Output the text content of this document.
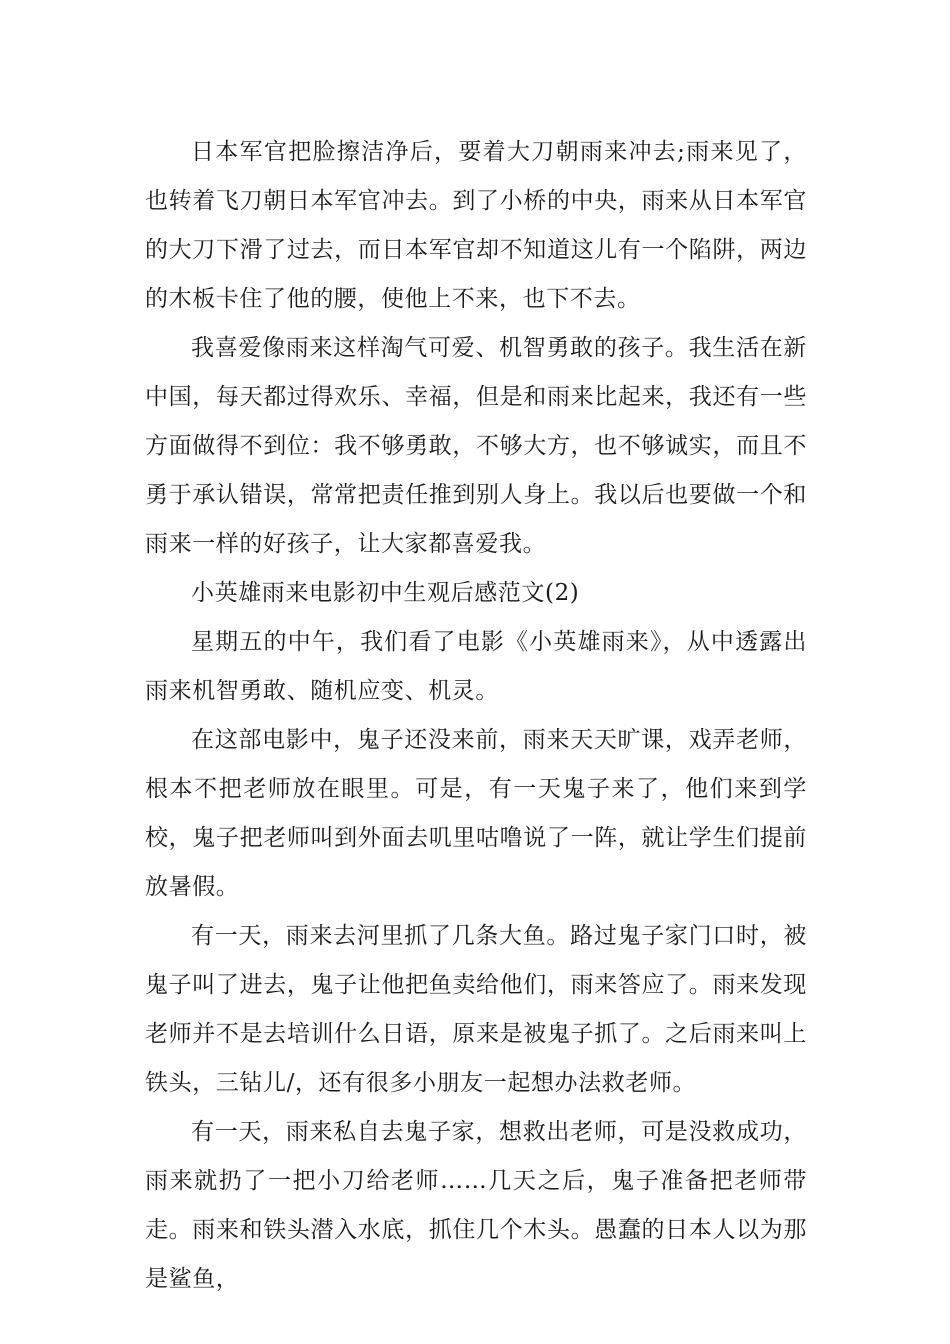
日本军官把脸擦洁净后，要着大刀朝雨来冲去;雨来见了，也转着飞刀朝日本军官冲去。到了小桥的中央，雨来从日本军官的大刀下滑了过去，而日本军官却不知道这儿有一个陷阱，两边的木板卡住了他的腰，使他上不来，也下不去。

我喜爱像雨来这样淘气可爱、机智勇敢的孩子。我生活在新中国，每天都过得欢乐、幸福，但是和雨来比起来，我还有一些方面做得不到位：我不够勇敢，不够大方，也不够诚实，而且不勇于承认错误，常常把责任推到别人身上。我以后也要做一个和雨来一样的好孩子，让大家都喜爱我。

小英雄雨来电影初中生观后感范文(2)

星期五的中午，我们看了电影《小英雄雨来》，从中透露出雨来机智勇敢、随机应变、机灵。

在这部电影中，鬼子还没来前，雨来天天旷课，戏弄老师，根本不把老师放在眼里。可是，有一天鬼子来了，他们来到学校，鬼子把老师叫到外面去叽里咕噜说了一阵，就让学生们提前放暑假。

有一天，雨来去河里抓了几条大鱼。路过鬼子家门口时，被鬼子叫了进去，鬼子让他把鱼卖给他们，雨来答应了。雨来发现老师并不是去培训什么日语，原来是被鬼子抓了。之后雨来叫上铁头，三钻儿/，还有很多小朋友一起想办法救老师。

有一天，雨来私自去鬼子家，想救出老师，可是没救成功，雨来就扔了一把小刀给老师……几天之后，鬼子准备把老师带走。雨来和铁头潜入水底，抓住几个木头。愚蠢的日本人以为那是鲨鱼，
